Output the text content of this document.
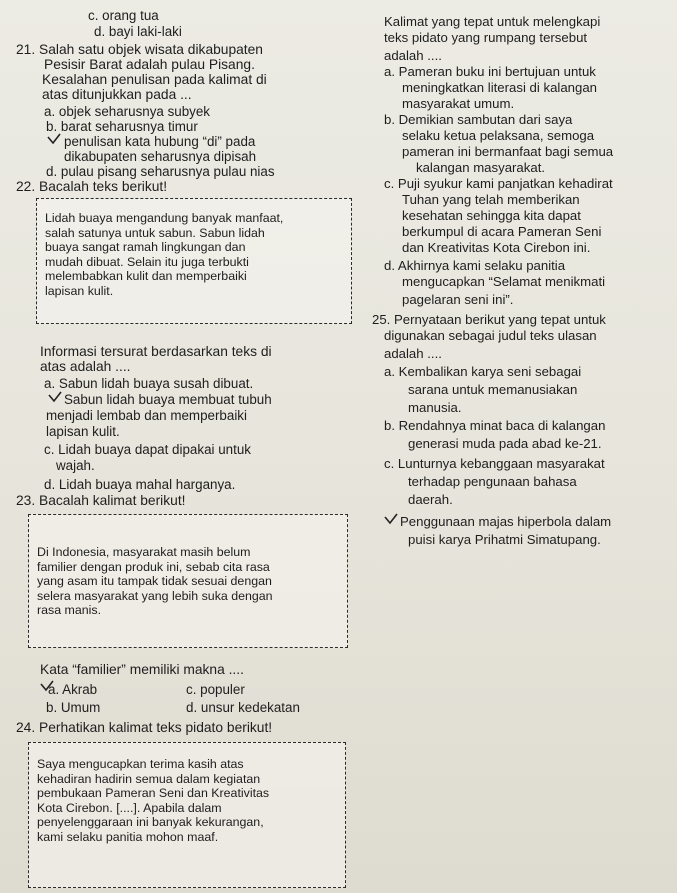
c. orang tua
d. bayi laki-laki
21. Salah satu objek wisata dikabupaten
Pesisir Barat adalah pulau Pisang.
Kesalahan penulisan pada kalimat di
atas ditunjukkan pada ...
a. objek seharusnya subyek
b. barat seharusnya timur
penulisan kata hubung “di” pada
dikabupaten seharusnya dipisah
d. pulau pisang seharusnya pulau nias
22. Bacalah teks berikut!
Lidah buaya mengandung banyak manfaat,
salah satunya untuk sabun. Sabun lidah
buaya sangat ramah lingkungan dan
mudah dibuat. Selain itu juga terbukti
melembabkan kulit dan memperbaiki
lapisan kulit.
Informasi tersurat berdasarkan teks di
atas adalah ....
a. Sabun lidah buaya susah dibuat.
Sabun lidah buaya membuat tubuh
menjadi lembab dan memperbaiki
lapisan kulit.
c. Lidah buaya dapat dipakai untuk
wajah.
d. Lidah buaya mahal harganya.
23. Bacalah kalimat berikut!
Di Indonesia, masyarakat masih belum
familier dengan produk ini, sebab cita rasa
yang asam itu tampak tidak sesuai dengan
selera masyarakat yang lebih suka dengan
rasa manis.
Kata “familier” memiliki makna ....
a. Akrab	c. populer
b. Umum	d. unsur kedekatan
24. Perhatikan kalimat teks pidato berikut!
Saya mengucapkan terima kasih atas
kehadiran hadirin semua dalam kegiatan
pembukaan Pameran Seni dan Kreativitas
Kota Cirebon. [....]. Apabila dalam
penyelenggaraan ini banyak kekurangan,
kami selaku panitia mohon maaf.
Kalimat yang tepat untuk melengkapi
teks pidato yang rumpang tersebut
adalah ....
a. Pameran buku ini bertujuan untuk
meningkatkan literasi di kalangan
masyarakat umum.
b. Demikian sambutan dari saya
selaku ketua pelaksana, semoga
pameran ini bermanfaat bagi semua
kalangan masyarakat.
c. Puji syukur kami panjatkan kehadirat
Tuhan yang telah memberikan
kesehatan sehingga kita dapat
berkumpul di acara Pameran Seni
dan Kreativitas Kota Cirebon ini.
d. Akhirnya kami selaku panitia
mengucapkan “Selamat menikmati
pagelaran seni ini”.
25. Pernyataan berikut yang tepat untuk
digunakan sebagai judul teks ulasan
adalah ....
a. Kembalikan karya seni sebagai
sarana untuk memanusiakan
manusia.
b. Rendahnya minat baca di kalangan
generasi muda pada abad ke-21.
c. Lunturnya kebanggaan masyarakat
terhadap pengunaan bahasa
daerah.
Penggunaan majas hiperbola dalam
puisi karya Prihatmi Simatupang.
